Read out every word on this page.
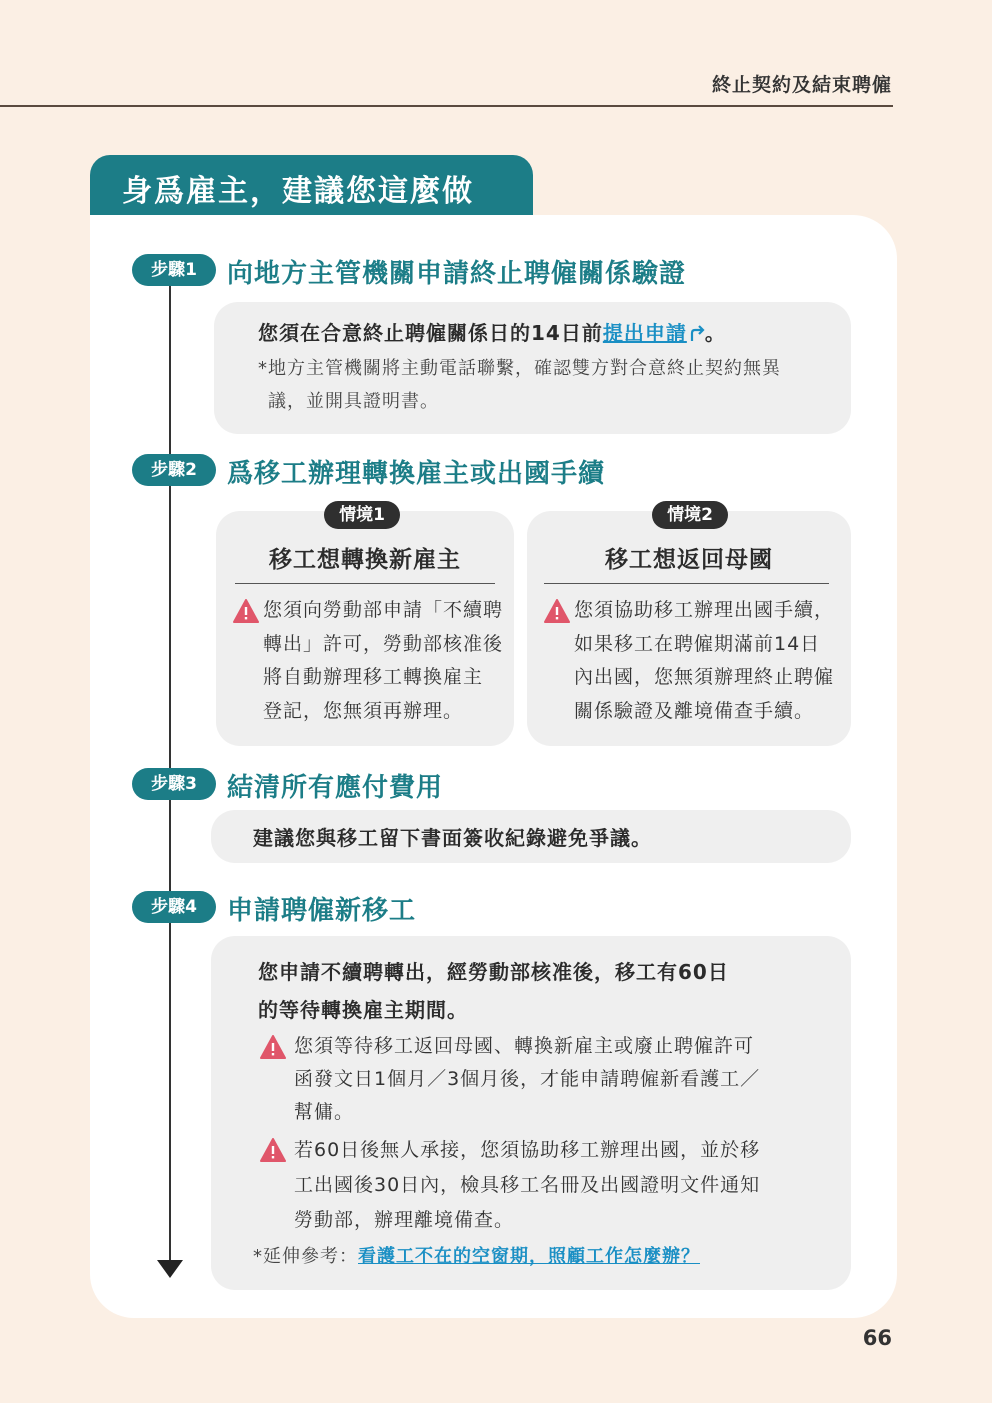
終止契約及結束聘僱
身爲雇主，建議您這麼做
步驟1	向地方主管機關申請終止聘僱關係驗證
您須在合意終止聘僱關係日的14日前提出申請 。
*地方主管機關將主動電話聯繫，確認雙方對合意終止契約無異
議，並開具證明書。
步驟2	爲移工辦理轉換雇主或出國手續
情境1
移工想轉換新雇主
您須向勞動部申請「不續聘
轉出」許可，勞動部核准後
將自動辦理移工轉換雇主
登記，您無須再辦理。
情境2
移工想返回母國
您須協助移工辦理出國手續，
如果移工在聘僱期滿前14日
內出國，您無須辦理終止聘僱
關係驗證及離境備查手續。
步驟3	結清所有應付費用
建議您與移工留下書面簽收紀錄避免爭議。
步驟4	申請聘僱新移工
您申請不續聘轉出，經勞動部核准後，移工有60日
的等待轉換雇主期間。
您須等待移工返回母國、轉換新雇主或廢止聘僱許可
函發文日1個月／3個月後，才能申請聘僱新看護工／
幫傭。
若60日後無人承接，您須協助移工辦理出國，並於移
工出國後30日內，檢具移工名冊及出國證明文件通知
勞動部，辦理離境備查。
*延伸參考：看護工不在的空窗期，照顧工作怎麼辦？
66
